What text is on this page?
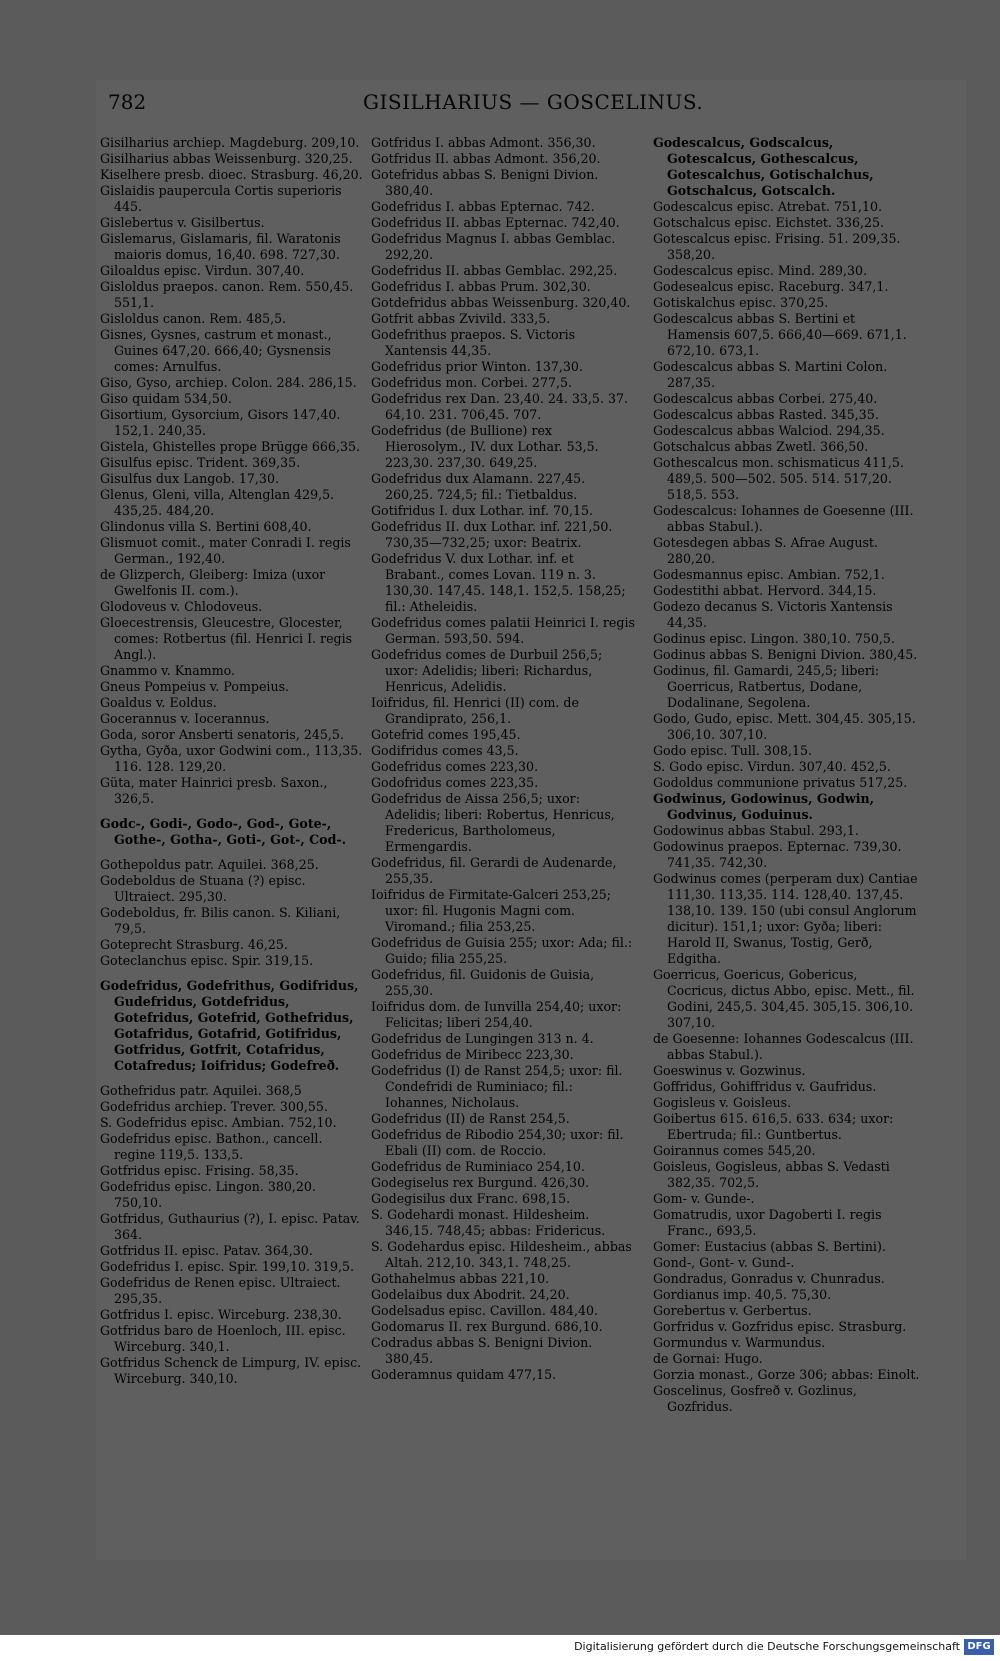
782	GISILHARIUS — GOSCELINUS.
Gisilharius archiep. Magdeburg. 209,10.
Gisilharius abbas Weissenburg. 320,25.
Kiselhere presb. dioec. Strasburg. 46,20.
Gislaidis paupercula Cortis superioris 445.
Gislebertus v. Gisilbertus.
Gislemarus, Gislamaris, fil. Waratonis maioris domus, 16,40. 698. 727,30.
Giloaldus episc. Virdun. 307,40.
Gisloldus praepos. canon. Rem. 550,45. 551,1.
Gisloldus canon. Rem. 485,5.
Gisnes, Gysnes, castrum et monast., Guines 647,20. 666,40; Gysnensis comes: Arnulfus.
Giso, Gyso, archiep. Colon. 284. 286,15.
Giso quidam 534,50.
Gisortium, Gysorcium, Gisors 147,40. 152,1. 240,35.
Gistela, Ghistelles prope Brügge 666,35.
Gisulfus episc. Trident. 369,35.
Gisulfus dux Langob. 17,30.
Glenus, Gleni, villa, Altenglan 429,5. 435,25. 484,20.
Glindonus villa S. Bertini 608,40.
Glismuot comit., mater Conradi I. regis German., 192,40.
de Glizperch, Gleiberg: Imiza (uxor Gwelfonis II. com.).
Glodoveus v. Chlodoveus.
Gloecestrensis, Gleucestre, Glocester, comes: Rotbertus (fil. Henrici I. regis Angl.).
Gnammo v. Knammo.
Gneus Pompeius v. Pompeius.
Goaldus v. Eoldus.
Gocerannus v. Iocerannus.
Goda, soror Ansberti senatoris, 245,5.
Gytha, Gyða, uxor Godwini com., 113,35. 116. 128. 129,20.
Güta, mater Hainrici presb. Saxon., 326,5.
Godc-, Godi-, Godo-, God-, Gote-, Gothe-, Gotha-, Goti-, Got-, Cod-.
Gothepoldus patr. Aquilei. 368,25.
Godeboldus de Stuana (?) episc. Ultraiect. 295,30.
Godeboldus, fr. Bilis canon. S. Kiliani, 79,5.
Goteprecht Strasburg. 46,25.
Goteclanchus episc. Spir. 319,15.
Godefridus, Godefrithus, Godifridus, Gudefridus, Gotdefridus, Gotefridus, Gotefrid, Gothefridus, Gotafridus, Gotafrid, Gotifridus, Gotfridus, Gotfrit, Cotafridus, Cotafredus; Ioifridus; Godefreð.
Gothefridus patr. Aquilei. 368,5
Godefridus archiep. Trever. 300,55.
S. Godefridus episc. Ambian. 752,10.
Godefridus episc. Bathon., cancell. regine 119,5. 133,5.
Gotfridus episc. Frising. 58,35.
Godefridus episc. Lingon. 380,20. 750,10.
Gotfridus, Guthaurius (?), I. episc. Patav. 364.
Gotfridus II. episc. Patav. 364,30.
Godefridus I. episc. Spir. 199,10. 319,5.
Godefridus de Renen episc. Ultraiect. 295,35.
Gotfridus I. episc. Wirceburg. 238,30.
Gotfridus baro de Hoenloch, III. episc. Wirceburg. 340,1.
Gotfridus Schenck de Limpurg, IV. episc. Wirceburg. 340,10.
Gotfridus I. abbas Admont. 356,30.
Gotfridus II. abbas Admont. 356,20.
Gotefridus abbas S. Benigni Divion. 380,40.
Godefridus I. abbas Epternac. 742.
Godefridus II. abbas Epternac. 742,40.
Godefridus Magnus I. abbas Gemblac. 292,20.
Godefridus II. abbas Gemblac. 292,25.
Godefridus I. abbas Prum. 302,30.
Gotdefridus abbas Weissenburg. 320,40.
Gotfrit abbas Zvivild. 333,5.
Godefrithus praepos. S. Victoris Xantensis 44,35.
Godefridus prior Winton. 137,30.
Godefridus mon. Corbei. 277,5.
Godefridus rex Dan. 23,40. 24. 33,5. 37. 64,10. 231. 706,45. 707.
Godefridus (de Bullione) rex Hierosolym., IV. dux Lothar. 53,5. 223,30. 237,30. 649,25.
Godefridus dux Alamann. 227,45. 260,25. 724,5; fil.: Tietbaldus.
Gotifridus I. dux Lothar. inf. 70,15.
Godefridus II. dux Lothar. inf. 221,50. 730,35—732,25; uxor: Beatrix.
Godefridus V. dux Lothar. inf. et Brabant., comes Lovan. 119 n. 3. 130,30. 147,45. 148,1. 152,5. 158,25; fil.: Atheleidis.
Godefridus comes palatii Heinrici I. regis German. 593,50. 594.
Godefridus comes de Durbuil 256,5; uxor: Adelidis; liberi: Richardus, Henricus, Adelidis.
Ioifridus, fil. Henrici (II) com. de Grandiprato, 256,1.
Gotefrid comes 195,45.
Godifridus comes 43,5.
Godefridus comes 223,30.
Godofridus comes 223,35.
Godefridus de Aissa 256,5; uxor: Adelidis; liberi: Robertus, Henricus, Fredericus, Bartholomeus, Ermengardis.
Godefridus, fil. Gerardi de Audenarde, 255,35.
Ioifridus de Firmitate-Galceri 253,25; uxor: fil. Hugonis Magni com. Viromand.; filia 253,25.
Godefridus de Guisia 255; uxor: Ada; fil.: Guido; filia 255,25.
Godefridus, fil. Guidonis de Guisia, 255,30.
Ioifridus dom. de Iunvilla 254,40; uxor: Felicitas; liberi 254,40.
Godefridus de Lungingen 313 n. 4.
Godefridus de Miribecc 223,30.
Godefridus (I) de Ranst 254,5; uxor: fil. Condefridi de Ruminiaco; fil.: Iohannes, Nicholaus.
Godefridus (II) de Ranst 254,5.
Godefridus de Ribodio 254,30; uxor: fil. Ebali (II) com. de Roccio.
Godefridus de Ruminiaco 254,10.
Godegiselus rex Burgund. 426,30.
Godegisilus dux Franc. 698,15.
S. Godehardi monast. Hildesheim. 346,15. 748,45; abbas: Fridericus.
S. Godehardus episc. Hildesheim., abbas Altah. 212,10. 343,1. 748,25.
Gothahelmus abbas 221,10.
Godelaibus dux Abodrit. 24,20.
Godelsadus episc. Cavillon. 484,40.
Godomarus II. rex Burgund. 686,10.
Codradus abbas S. Benigni Divion. 380,45.
Goderamnus quidam 477,15.
Godescalcus, Godscalcus, Gotescalcus, Gothescalcus, Gotescalchus, Gotischalchus, Gotschalcus, Gotscalch.
Godescalcus episc. Atrebat. 751,10.
Gotschalcus episc. Eichstet. 336,25.
Gotescalcus episc. Frising. 51. 209,35. 358,20.
Godescalcus episc. Mind. 289,30.
Godesealcus episc. Raceburg. 347,1.
Gotiskalchus episc. 370,25.
Godescalcus abbas S. Bertini et Hamensis 607,5. 666,40—669. 671,1. 672,10. 673,1.
Godescalcus abbas S. Martini Colon. 287,35.
Godescalcus abbas Corbei. 275,40.
Godescalcus abbas Rasted. 345,35.
Godescalcus abbas Walciod. 294,35.
Gotschalcus abbas Zwetl. 366,50.
Gothescalcus mon. schismaticus 411,5. 489,5. 500—502. 505. 514. 517,20. 518,5. 553.
Godescalcus: Iohannes de Goesenne (III. abbas Stabul.).
Gotesdegen abbas S. Afrae August. 280,20.
Godesmannus episc. Ambian. 752,1.
Godestithi abbat. Hervord. 344,15.
Godezo decanus S. Victoris Xantensis 44,35.
Godinus episc. Lingon. 380,10. 750,5.
Godinus abbas S. Benigni Divion. 380,45.
Godinus, fil. Gamardi, 245,5; liberi: Goerricus, Ratbertus, Dodane, Dodalinane, Segolena.
Godo, Gudo, episc. Mett. 304,45. 305,15. 306,10. 307,10.
Godo episc. Tull. 308,15.
S. Godo episc. Virdun. 307,40. 452,5.
Godoldus communione privatus 517,25.
Godwinus, Godowinus, Godwin, Godvinus, Goduinus.
Godowinus abbas Stabul. 293,1.
Godowinus praepos. Epternac. 739,30. 741,35. 742,30.
Godwinus comes (perperam dux) Cantiae 111,30. 113,35. 114. 128,40. 137,45. 138,10. 139. 150 (ubi consul Anglorum dicitur). 151,1; uxor: Gyða; liberi: Harold II, Swanus, Tostig, Gerð, Edgitha.
Goerricus, Goericus, Gobericus, Cocricus, dictus Abbo, episc. Mett., fil. Godini, 245,5. 304,45. 305,15. 306,10. 307,10.
de Goesenne: Iohannes Godescalcus (III. abbas Stabul.).
Goeswinus v. Gozwinus.
Goffridus, Gohiffridus v. Gaufridus.
Gogisleus v. Goisleus.
Goibertus 615. 616,5. 633. 634; uxor: Ebertruda; fil.: Guntbertus.
Goirannus comes 545,20.
Goisleus, Gogisleus, abbas S. Vedasti 382,35. 702,5.
Gom- v. Gunde-.
Gomatrudis, uxor Dagoberti I. regis Franc., 693,5.
Gomer: Eustacius (abbas S. Bertini).
Gond-, Gont- v. Gund-.
Gondradus, Gonradus v. Chunradus.
Gordianus imp. 40,5. 75,30.
Gorebertus v. Gerbertus.
Gorfridus v. Gozfridus episc. Strasburg.
Gormundus v. Warmundus.
de Gornai: Hugo.
Gorzia monast., Gorze 306; abbas: Einolt.
Goscelinus, Gosfreð v. Gozlinus, Gozfridus.
Digitalisierung gefördert durch die Deutsche Forschungsgemeinschaft DFG
